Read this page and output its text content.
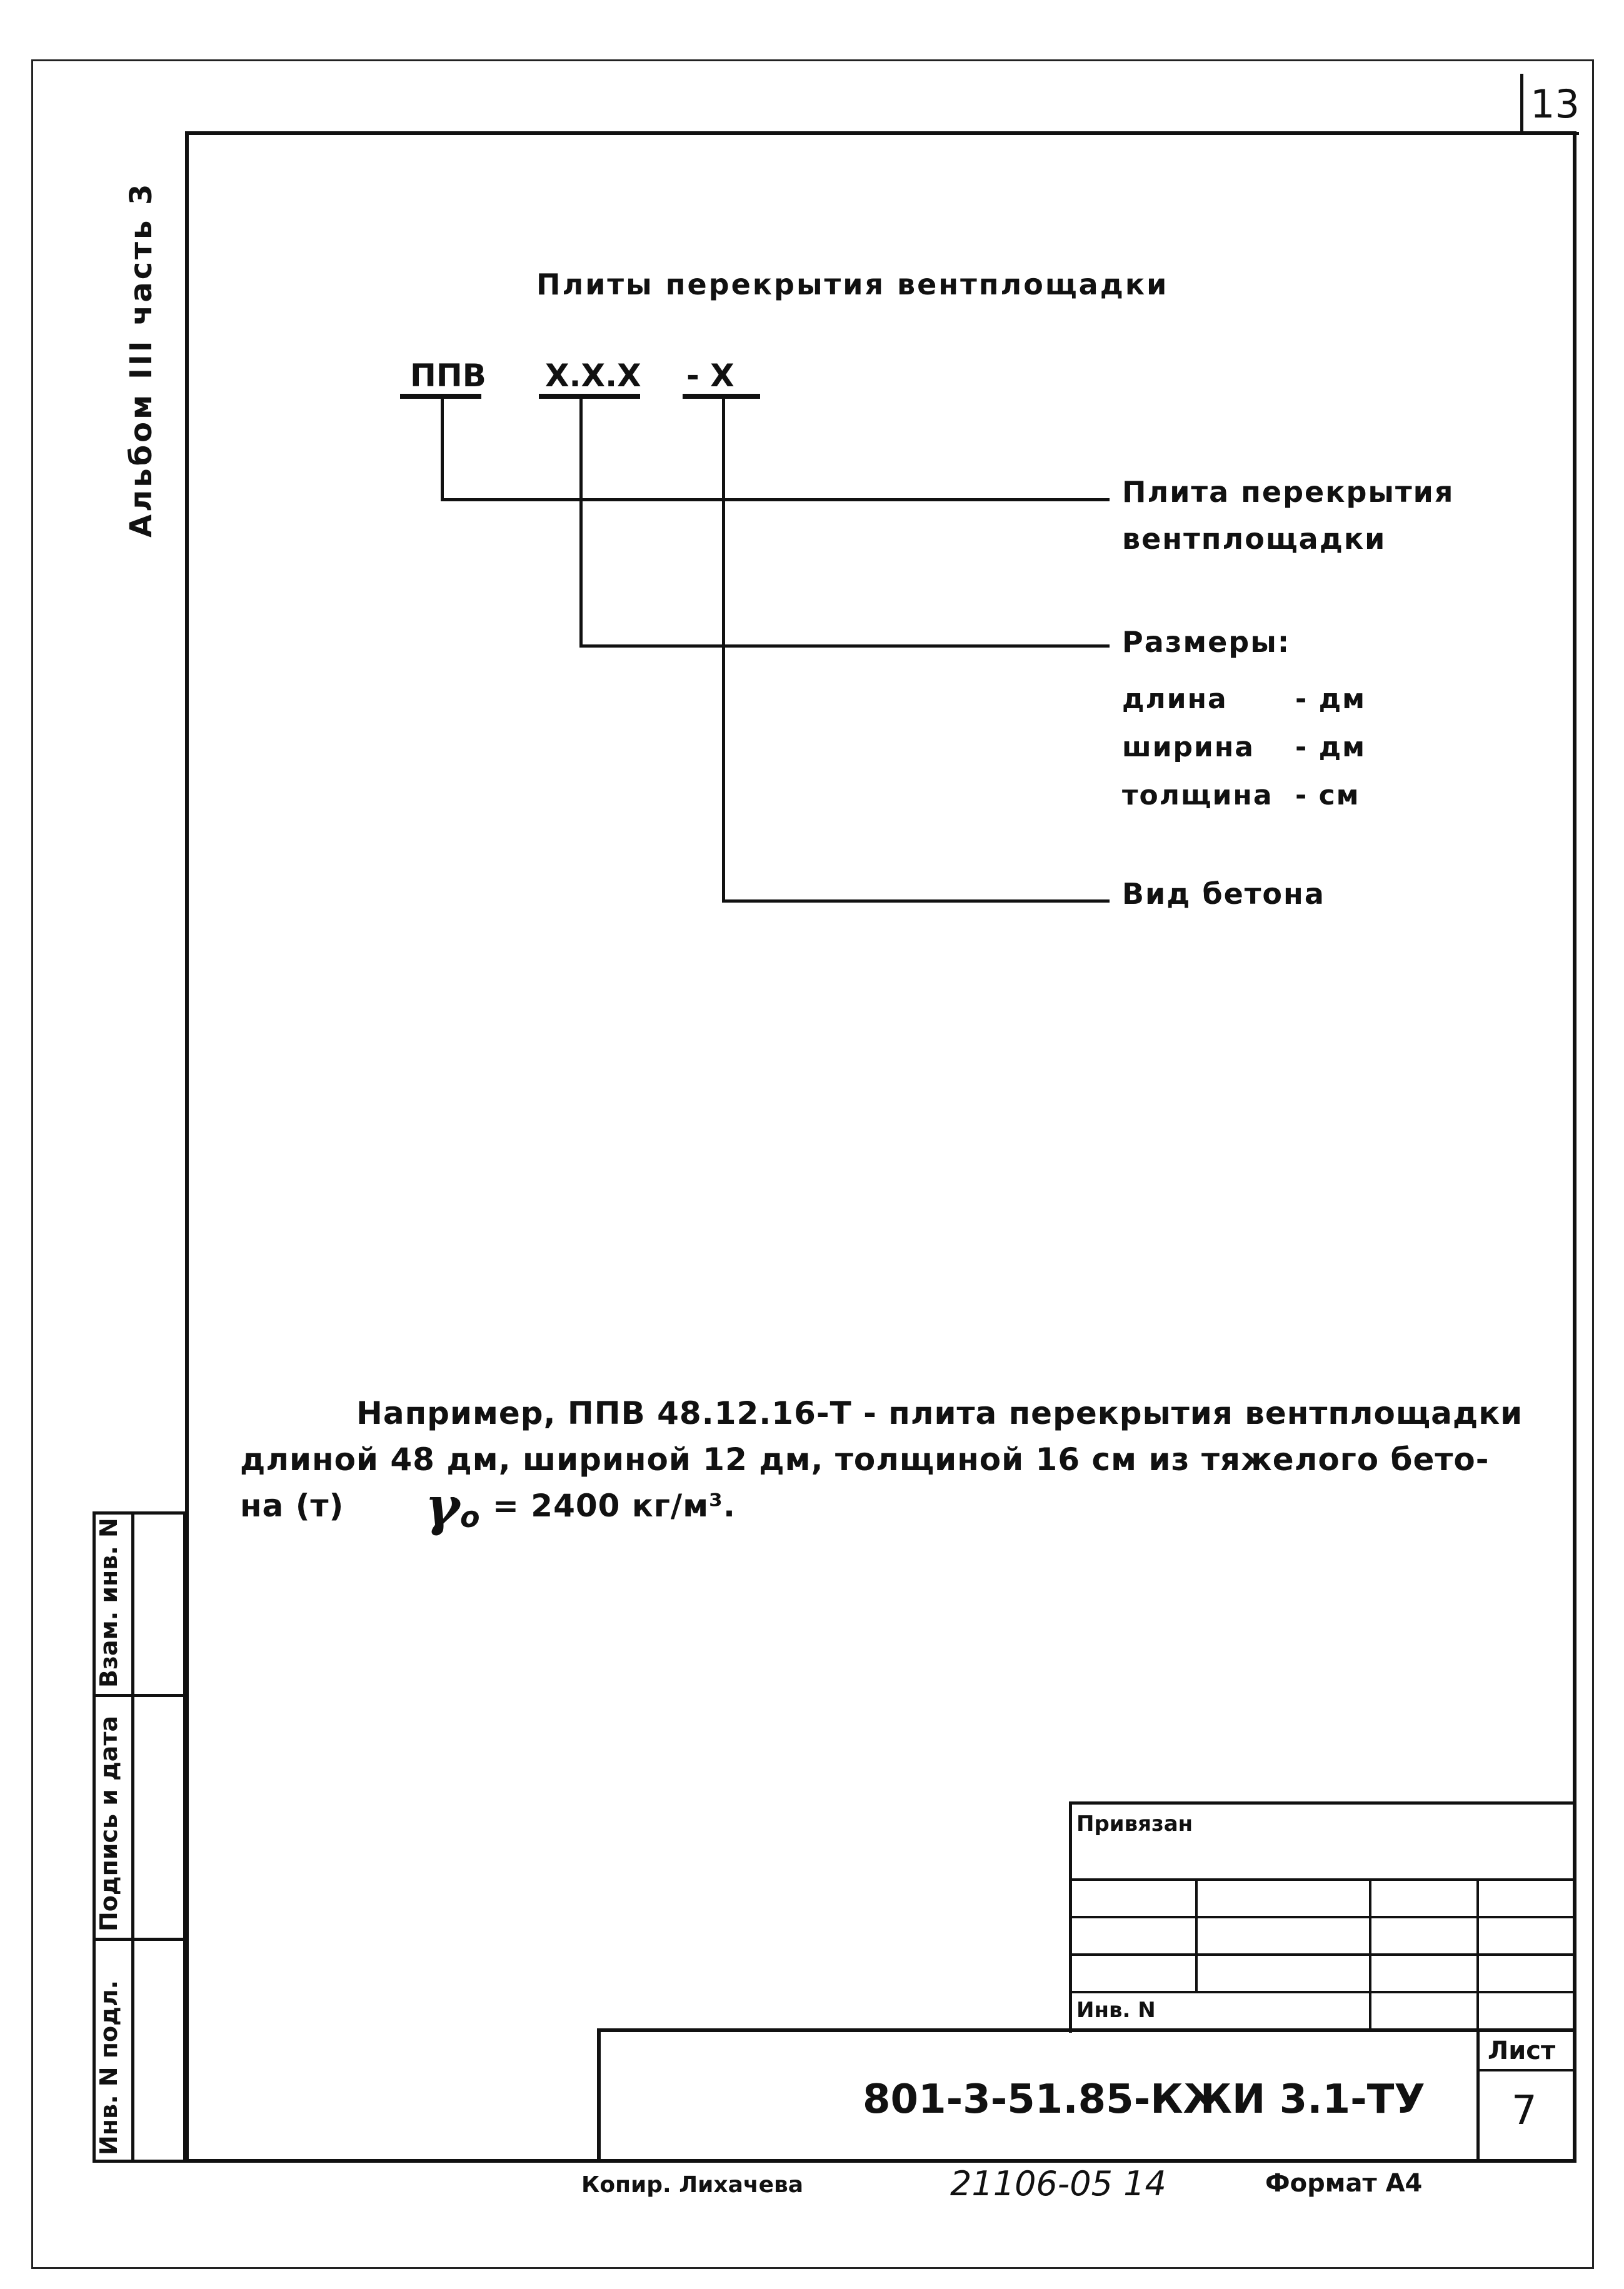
13
Альбом III часть 3	Плиты перекрытия вентплощадки
ППВ Х.Х.Х - Х
Плита перекрытия
вентплощадки
Размеры:
длина - дм
ширина - дм
толщина - см
Вид бетона
Например, ППВ 48.12.16-Т - плита перекрытия вентплощадки
длиной 48 дм, шириной 12 дм, толщиной 16 см из тяжелого бето-
на (т) γ o = 2400 кг/м³.
Инв. N подл.
Подпись и дата
Взам. инв. N
Привязан
Инв. N
801-3-51.85-КЖИ 3.1-ТУ
Лист
7
Копир. Лихачева	21106-05 14	Формат А4
